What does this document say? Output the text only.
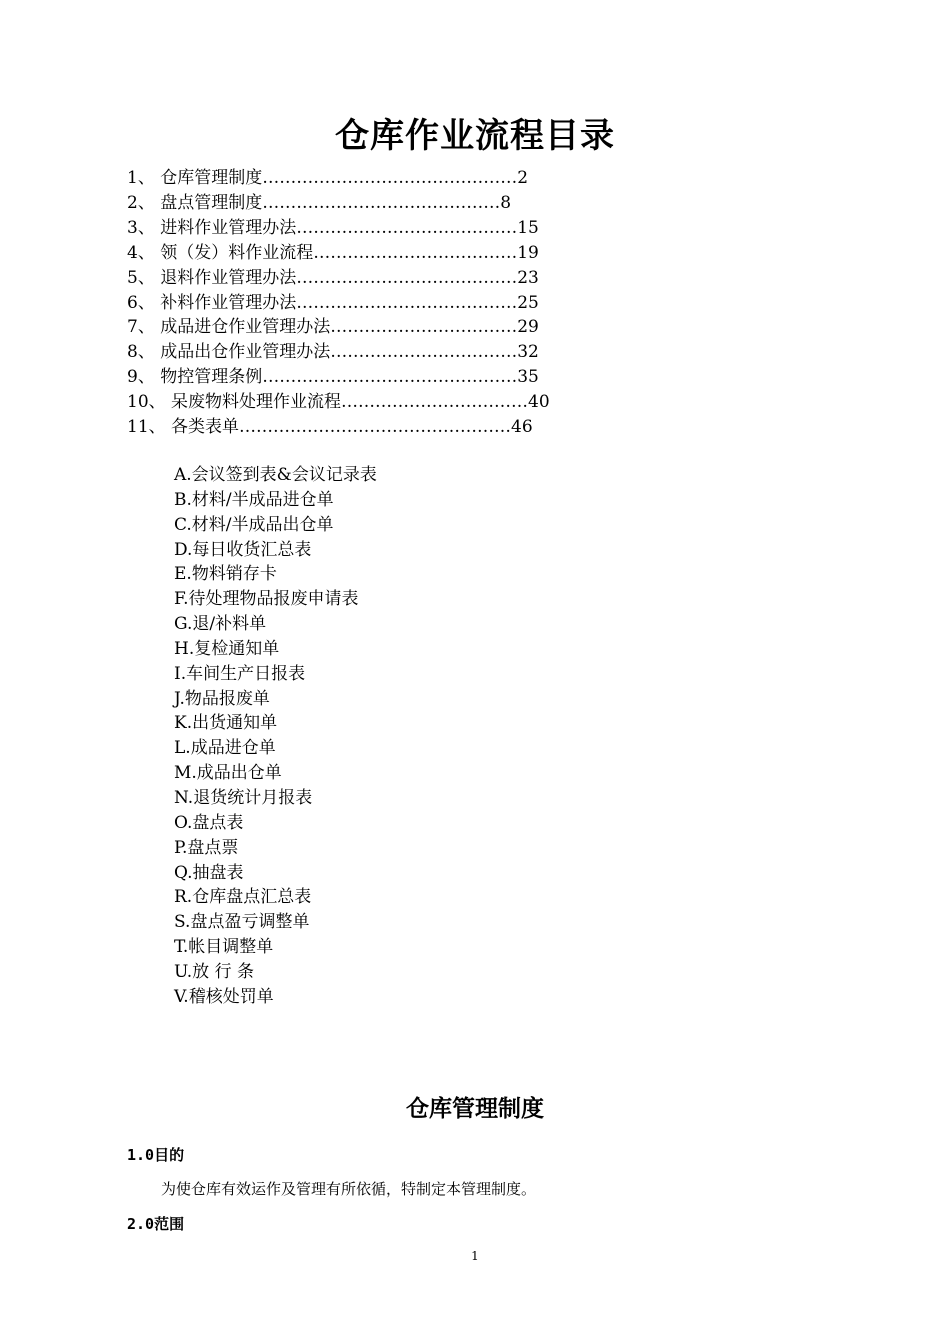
仓库作业流程目录
1、 仓库管理制度………………………………………2
2、 盘点管理制度……………………………………8
3、 进料作业管理办法…………………………………15
4、 领（发）料作业流程………………………………19
5、 退料作业管理办法…………………………………23
6、 补料作业管理办法…………………………………25
7、 成品进仓作业管理办法……………………………29
8、 成品出仓作业管理办法……………………………32
9、 物控管理条例………………………………………35
10、 呆废物料处理作业流程……………………………40
11、 各类表单…………………………………………46
A.会议签到表&会议记录表
B.材料/半成品进仓单
C.材料/半成品出仓单
D.每日收货汇总表
E.物料销存卡
F.待处理物品报废申请表
G.退/补料单
H.复检通知单
I.车间生产日报表
J.物品报废单
K.出货通知单
L.成品进仓单
M.成品出仓单
N.退货统计月报表
O.盘点表
P.盘点票
Q.抽盘表
R.仓库盘点汇总表
S.盘点盈亏调整单
T.帐目调整单
U.放 行 条
V.稽核处罚单
仓库管理制度
1.0目的
为使仓库有效运作及管理有所依循，特制定本管理制度。
2.0范围
1
